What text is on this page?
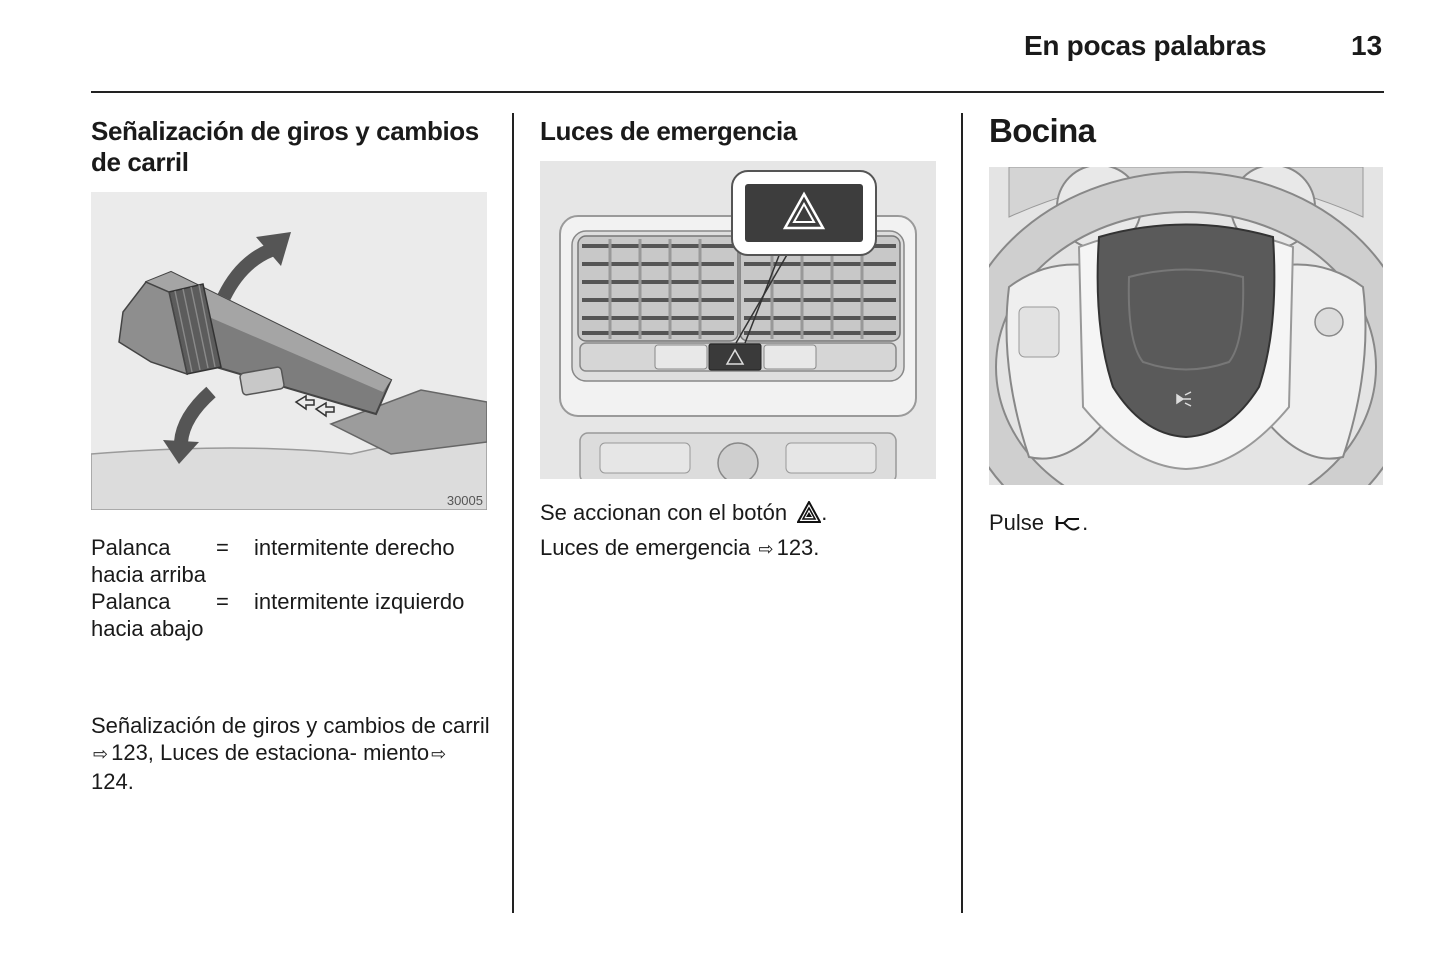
En pocas palabras	13
Señalización de giros y cambios de carril
30005
Palanca hacia arriba	=	intermitente derecho
Palanca hacia abajo	=	intermitente izquierdo
Señalización de giros y cambios de carril ⇨ 123, Luces de estaciona- miento ⇨124.
Luces de emergencia
Se accionan con el botón .
Luces de emergencia ⇨ 123.
Bocina
Pulse .
